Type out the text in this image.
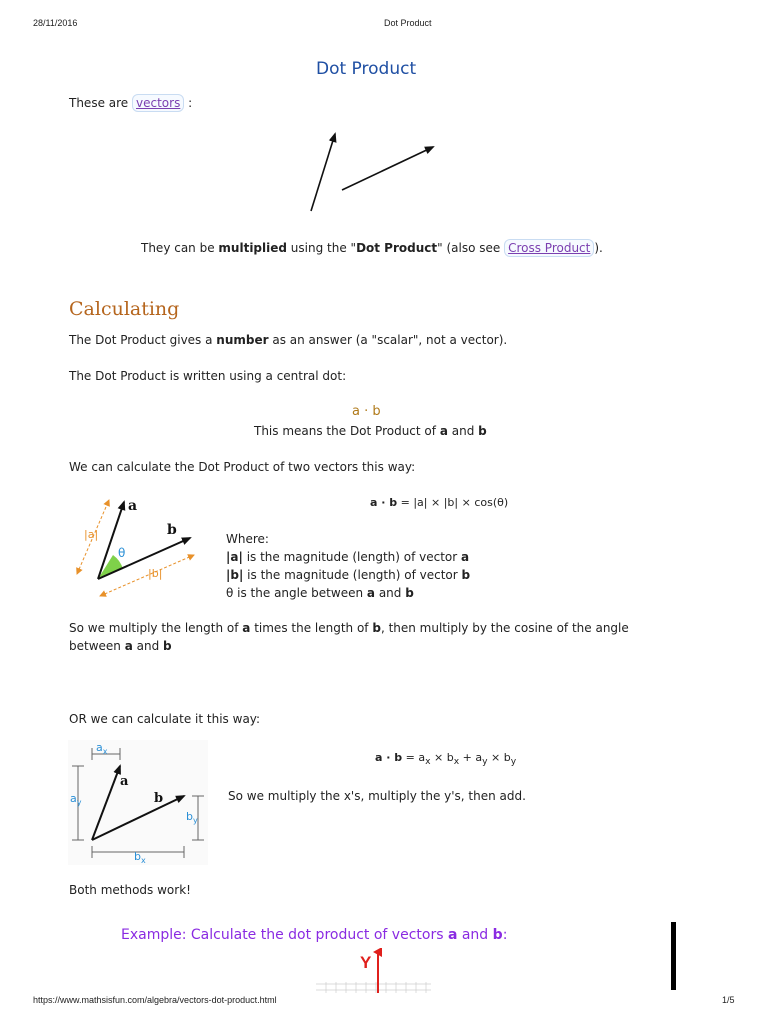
28/11/2016	Dot Product
Dot Product
These are vectors :
They can be multiplied using the "Dot Product" (also see Cross Product ).
Calculating
The Dot Product gives a number as an answer (a "scalar", not a vector).
The Dot Product is written using a central dot:
a · b
This means the Dot Product of a and b
We can calculate the Dot Product of two vectors this way:
a
b
|a|
|b|
θ
a · b = |a| × |b| × cos(θ)
Where:
|a| is the magnitude (length) of vector a
|b| is the magnitude (length) of vector b
θ is the angle between a and b
So we multiply the length of a times the length of b, then multiply by the cosine of the angle
between a and b
OR we can calculate it this way:
a
b
$a_x$
$a_y$
$b_x$
$b_y$
$a \cdot b = a_x \times b_x + a_y \times b_y$
So we multiply the x's, multiply the y's, then add.
Both methods work!
Example: Calculate the dot product of vectors a and b:
Y
https://www.mathsisfun.com/algebra/vectors-dot-product.html	1/5
